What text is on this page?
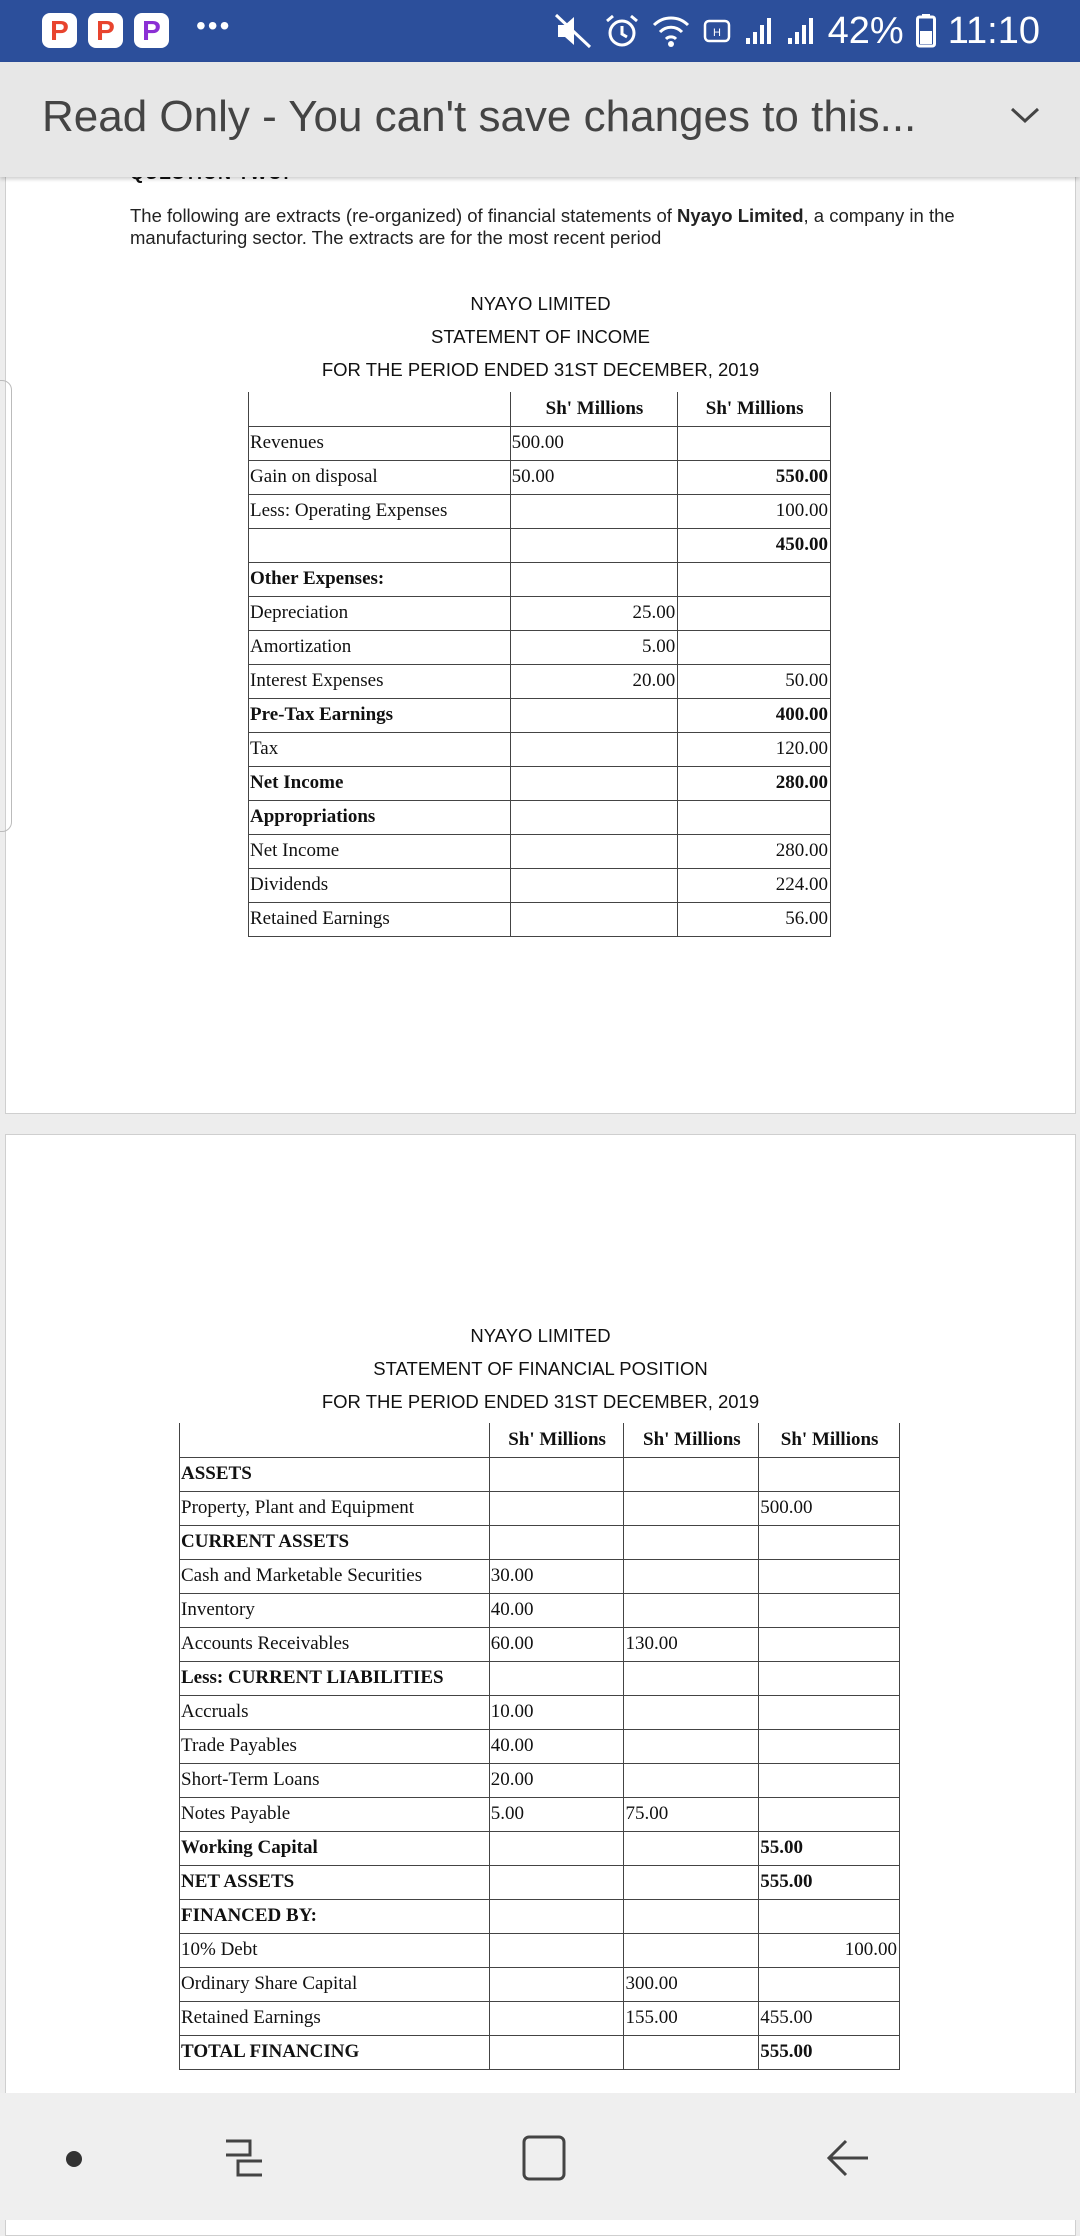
P P P •••	H	42% 11:10
Read Only - You can't save changes to this...
The following are extracts (re-organized) of financial statements of Nyayo Limited, a company in the manufacturing sector. The extracts are for the most recent period
NYAYO LIMITED
STATEMENT OF INCOME
FOR THE PERIOD ENDED 31ST DECEMBER, 2019
	Sh' Millions	Sh' Millions
Revenues	500.00	
Gain on disposal	50.00	550.00
Less: Operating Expenses		100.00
		450.00
Other Expenses:		
Depreciation	25.00	
Amortization	5.00	
Interest Expenses	20.00	50.00
Pre-Tax Earnings		400.00
Tax		120.00
Net Income		280.00
Appropriations		
Net Income		280.00
Dividends		224.00
Retained Earnings		56.00
NYAYO LIMITED
STATEMENT OF FINANCIAL POSITION
FOR THE PERIOD ENDED 31ST DECEMBER, 2019
	Sh' Millions	Sh' Millions	Sh' Millions
ASSETS			
Property, Plant and Equipment			500.00
CURRENT ASSETS			
Cash and Marketable Securities	30.00		
Inventory	40.00		
Accounts Receivables	60.00	130.00	
Less: CURRENT LIABILITIES			
Accruals	10.00		
Trade Payables	40.00		
Short-Term Loans	20.00		
Notes Payable	5.00	75.00	
Working Capital			55.00
NET ASSETS			555.00
FINANCED BY:			
10% Debt			100.00
Ordinary Share Capital		300.00	
Retained Earnings		155.00	455.00
TOTAL FINANCING			555.00
